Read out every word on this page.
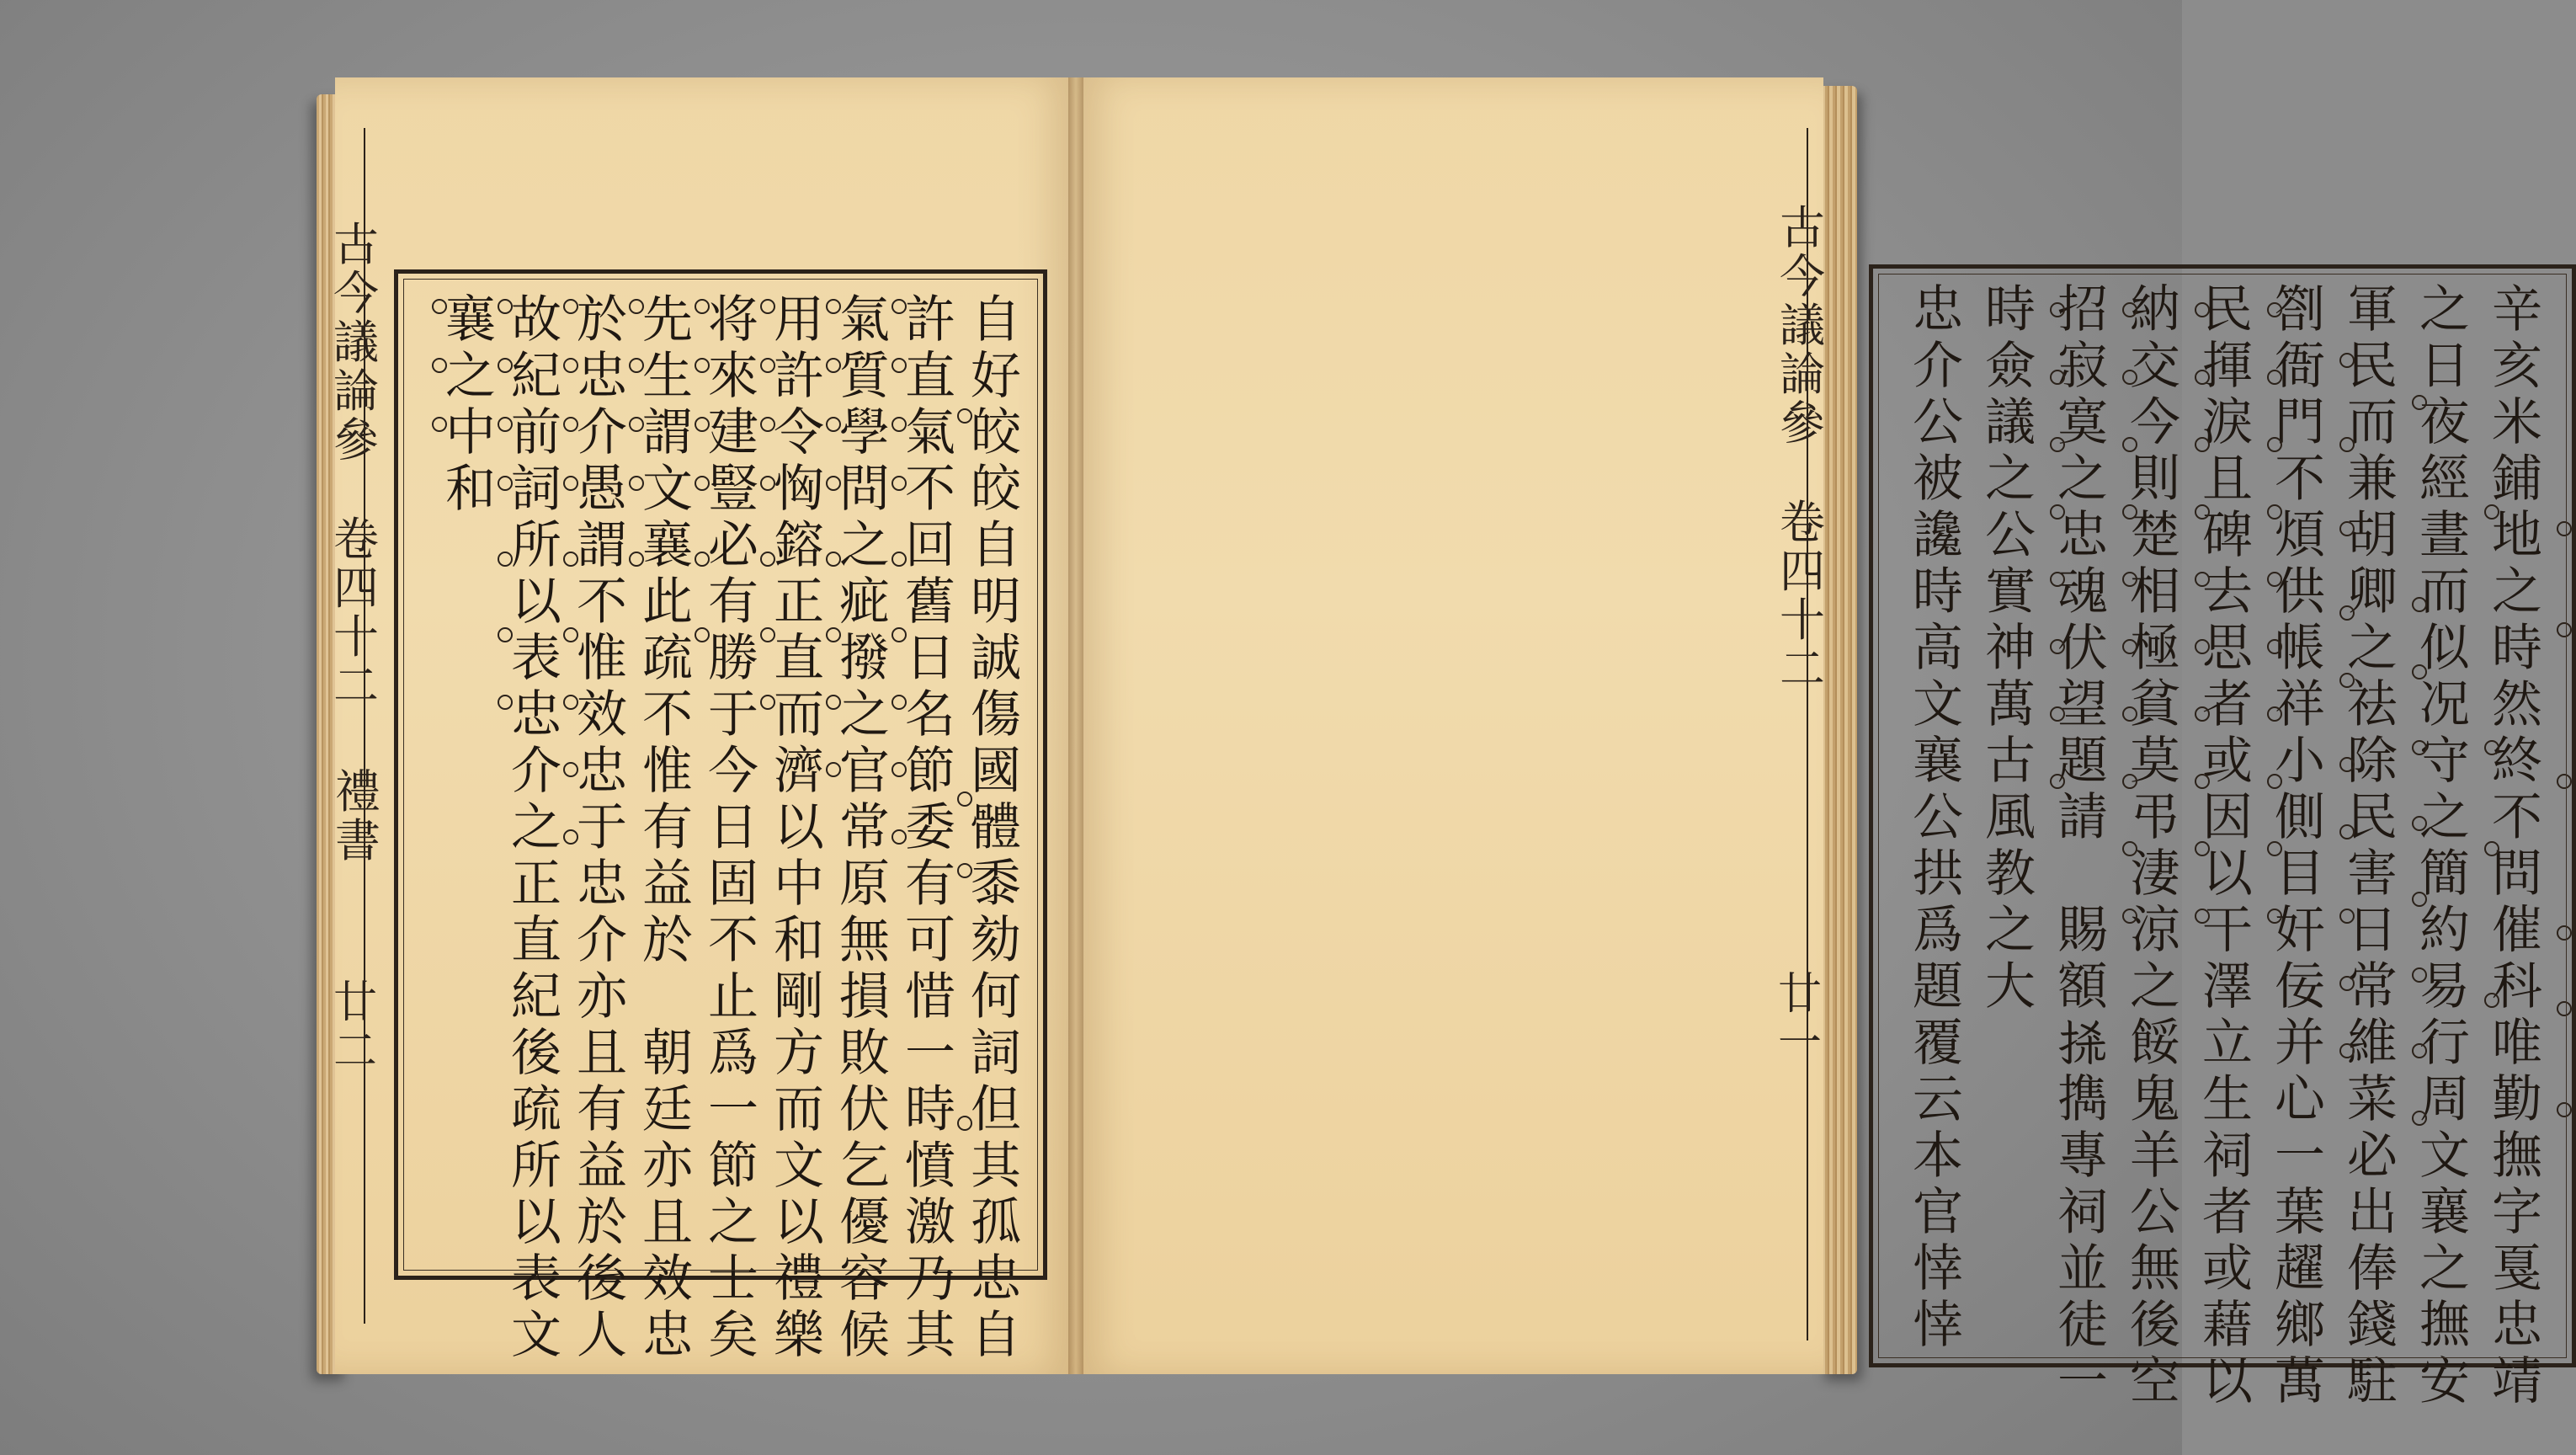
古
今
議
論
參
卷
四
十
二
禮
書
廿二
自
好
皎
皎
自
明
誠
傷
國
體
黍
劾
何
詞
但
其
孤
忠
自
許
直
氣
不
回
舊
日
名
節
委
有
可
惜
一
時
憤
激
乃
其
氣
質
學
問
之
疵
撥
之
官
常
原
無
損
敗
伏
乞
優
容
候
用
許
令
恟
鎔
正
直
而
濟
以
中
和
剛
方
而
文
以
禮
樂
将
來
建
豎
必
有
勝
于
今
日
固
不
止
爲
一
節
之
士
矣
先
生
謂
文
襄
此
疏
不
惟
有
益
於

朝
廷
亦
且
效
忠
於
忠
介
愚
謂
不
惟
效
忠
于
忠
介
亦
且
有
益
於
後
人
故
紀
前
詞
所
以
表
忠
介
之
正
直
紀
後
疏
所
以
表
文
襄
之
中
和
辛
亥
米
鋪
地
之
時
然
終
不
問
催
科
唯
勤
撫
字
戛
忠
靖
之
日
夜
經
晝
而
似
况
守
之
簡
約
易
行
周
文
襄
之
撫
安
軍
民
而
兼
胡
卿
之
祛
除
民
害
日
常
維
菜
必
出
俸
錢
駐
劄
衙
門
不
煩
供
帳
祥
小
側
目
奸
佞
并
心
一
葉
趯
鄉
萬
民
揮
淚
且
碑
去
思
者
或
因
以
干
澤
立
生
祠
者
或
藉
以
納
交
今
則
楚
相
極
貧
莫
弔
淒
涼
之
餒
鬼
羊
公
無
後
空
招
寂
寞
之
忠
魂
伏
望
題
請

賜
額
𢫬
擕
專
祠
並
徒
一
時
僉
議
之
公
實
神
萬
古
風
教
之
大
忠
介
公
被
讒
時
高
文
襄
公
拱
爲
題
覆
云
本
官
悻
悻
古
今
議
論
參
卷
四
十
二
廿一
